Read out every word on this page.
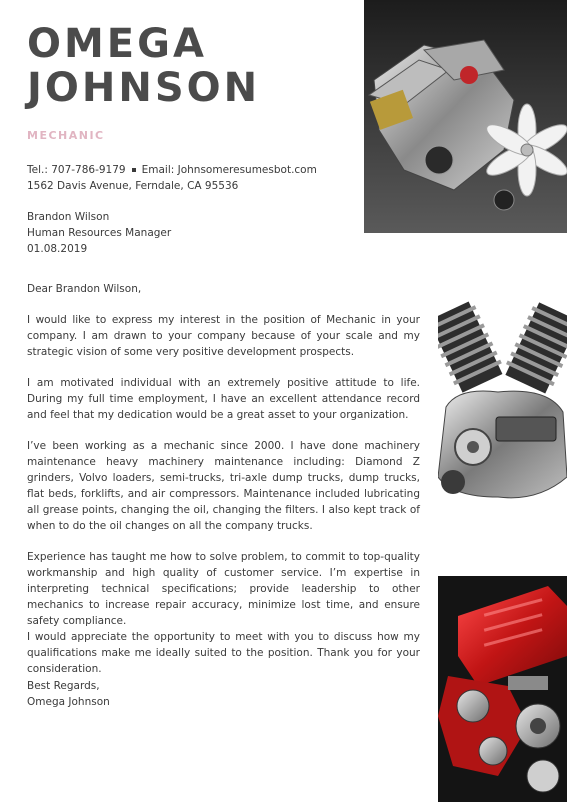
OMEGA
JOHNSON
MECHANIC
Tel.: 707-786-9179 Email: Johnsomeresumesbot.com
1562 Davis Avenue, Ferndale, CA 95536
Brandon Wilson
Human Resources Manager
01.08.2019

Dear Brandon Wilson,

I would like to express my interest in the position of Mechanic in your company. I am drawn to your company because of your scale and my strategic vision of some very positive development prospects.

I am motivated individual with an extremely positive attitude to life. During my full time employment, I have an excellent attendance record and feel that my dedication would be a great asset to your organization.

I’ve been working as a mechanic since 2000. I have done machinery maintenance heavy machinery maintenance including: Diamond Z grinders, Volvo loaders, semi-trucks, tri-axle dump trucks, dump trucks, flat beds, forklifts, and air compressors. Maintenance included lubricating all grease points, changing the oil, changing the filters. I also kept track of when to do the oil changes on all the company trucks.

Experience has taught me how to solve problem, to commit to top-quality workmanship and high quality of customer service. I’m expertise in interpreting technical specifications; provide leadership to other mechanics to increase repair accuracy, minimize lost time, and ensure safety compliance.

I would appreciate the opportunity to meet with you to discuss how my qualifications make me ideally suited to the position. Thank you for your consideration.

Best Regards,
Omega Johnson
